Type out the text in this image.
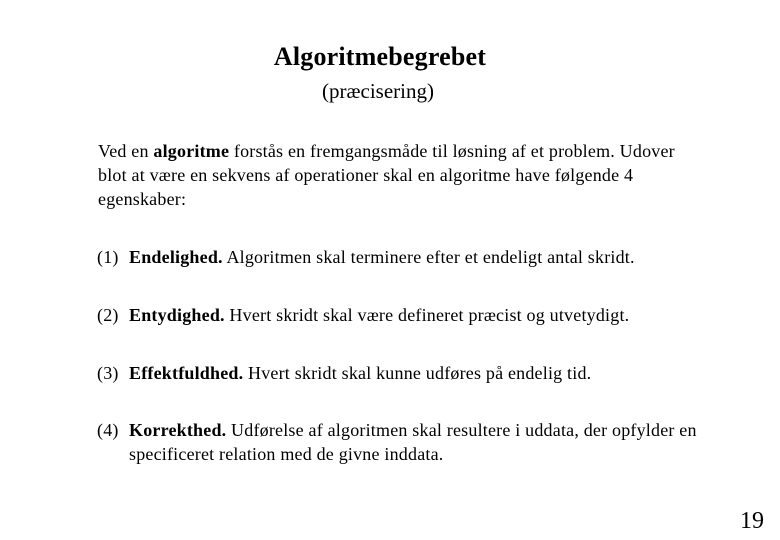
Algoritmebegrebet
(præcisering)
Ved en algoritme forstås en fremgangsmåde til løsning af et problem. Udover blot at være en sekvens af operationer skal en algoritme have følgende 4 egenskaber:
(1) Endelighed. Algoritmen skal terminere efter et endeligt antal skridt.
(2) Entydighed. Hvert skridt skal være defineret præcist og utvetydigt.
(3) Effektfuldhed. Hvert skridt skal kunne udføres på endelig tid.
(4) Korrekthed. Udførelse af algoritmen skal resultere i uddata, der opfylder en specificeret relation med de givne inddata.
19
